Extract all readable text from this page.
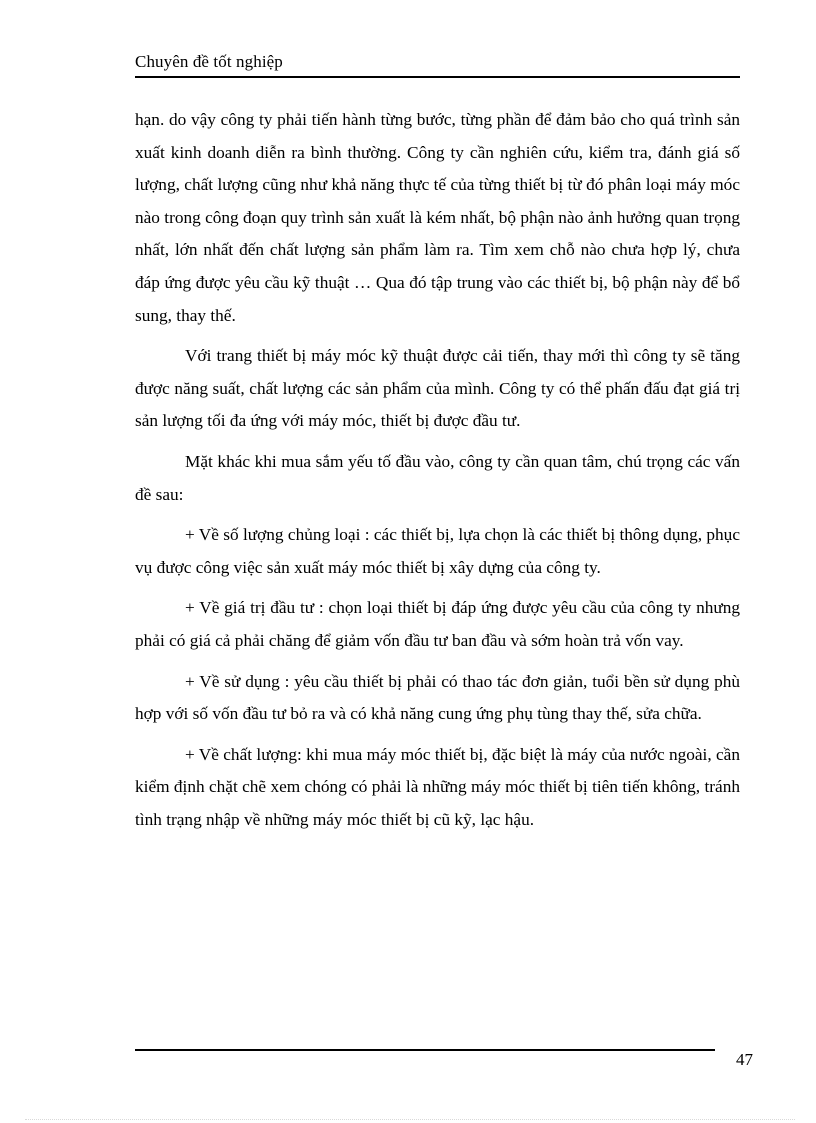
Chuyên đề tốt nghiệp

hạn. do vậy công ty phải tiến hành từng bước, từng phần để đảm bảo cho quá trình sản xuất kinh doanh diễn ra bình thường. Công ty cần nghiên cứu, kiểm tra, đánh giá số lượng, chất lượng cũng như khả năng thực tế của từng thiết bị từ đó phân loại máy móc nào trong công đoạn quy trình sản xuất là kém nhất, bộ phận nào ảnh hưởng quan trọng nhất, lớn nhất đến chất lượng sản phẩm làm ra. Tìm xem chỗ nào chưa hợp lý, chưa đáp ứng được yêu cầu kỹ thuật … Qua đó tập trung vào các thiết bị, bộ phận này để bổ sung, thay thế.

Với trang thiết bị máy móc kỹ thuật được cải tiến, thay mới thì công ty sẽ tăng được năng suất, chất lượng các sản phẩm của mình. Công ty có thể phấn đấu đạt giá trị sản lượng tối đa ứng với máy móc, thiết bị được đầu tư.

Mặt khác khi mua sắm yếu tố đầu vào, công ty cần quan tâm, chú trọng các vấn đề sau:

+ Về số lượng chủng loại : các thiết bị, lựa chọn là các thiết bị thông dụng, phục vụ được công việc sản xuất máy móc thiết bị xây dựng của công ty.

+ Về giá trị đầu tư : chọn loại thiết bị đáp ứng được yêu cầu của công ty nhưng phải có giá cả phải chăng để giảm vốn đầu tư ban đầu và sớm hoàn trả vốn vay.

+ Về sử dụng : yêu cầu thiết bị phải có thao tác đơn giản, tuổi bền sử dụng phù hợp với số vốn đầu tư bỏ ra và có khả năng cung ứng phụ tùng thay thế, sửa chữa.

+ Về chất lượng: khi mua máy móc thiết bị, đặc biệt là máy của nước ngoài, cần kiểm định chặt chẽ xem chóng có phải là những máy móc thiết bị tiên tiến không, tránh tình trạng nhập về những máy móc thiết bị cũ kỹ, lạc hậu.

47
